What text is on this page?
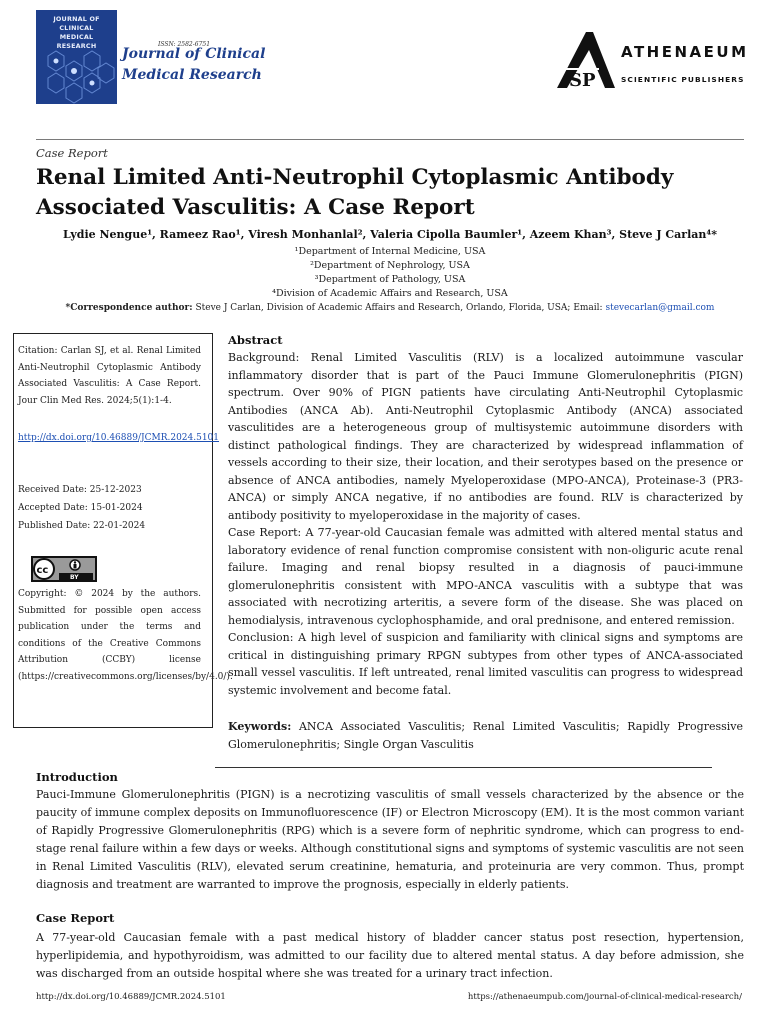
JOURNAL OF
CLINICAL
MEDICAL
RESEARCH	ISSN: 2582-6751
Journal of Clinical
Medical Research	SP
ATHENAEUM
SCIENTIFIC PUBLISHERS
Case Report
Renal Limited Anti-Neutrophil Cytoplasmic Antibody Associated Vasculitis: A Case Report
Lydie Nengue¹, Rameez Rao¹, Viresh Monhanlal², Valeria Cipolla Baumler¹, Azeem Khan³, Steve J Carlan⁴*
¹Department of Internal Medicine, USA
²Department of Nephrology, USA
³Department of Pathology, USA
⁴Division of Academic Affairs and Research, USA
*Correspondence author: Steve J Carlan, Division of Academic Affairs and Research, Orlando, Florida, USA; Email: stevecarlan@gmail.com
Citation: Carlan SJ, et al. Renal Limited Anti-Neutrophil Cytoplasmic Antibody Associated Vasculitis: A Case Report. Jour Clin Med Res. 2024;5(1):1-4.
http://dx.doi.org/10.46889/JCMR.2024.5101
Received Date: 25-12-2023
Accepted Date: 15-01-2024
Published Date: 22-01-2024
cc
BY
Copyright: © 2024 by the authors. Submitted for possible open access publication under the terms and conditions of the Creative Commons Attribution (CCBY) license (https://creativecommons.org/licenses/by/4.0/).
Abstract
Background: Renal Limited Vasculitis (RLV) is a localized autoimmune vascular inflammatory disorder that is part of the Pauci Immune Glomerulonephritis (PIGN) spectrum. Over 90% of PIGN patients have circulating Anti-Neutrophil Cytoplasmic Antibodies (ANCA Ab). Anti-Neutrophil Cytoplasmic Antibody (ANCA) associated vasculitides are a heterogeneous group of multisystemic autoimmune disorders with distinct pathological findings. They are characterized by widespread inflammation of vessels according to their size, their location, and their serotypes based on the presence or absence of ANCA antibodies, namely Myeloperoxidase (MPO-ANCA), Proteinase-3 (PR3-ANCA) or simply ANCA negative, if no antibodies are found. RLV is characterized by antibody positivity to myeloperoxidase in the majority of cases.
Case Report: A 77-year-old Caucasian female was admitted with altered mental status and laboratory evidence of renal function compromise consistent with non-oliguric acute renal failure. Imaging and renal biopsy resulted in a diagnosis of pauci-immune glomerulonephritis consistent with MPO-ANCA vasculitis with a subtype that was associated with necrotizing arteritis, a severe form of the disease. She was placed on hemodialysis, intravenous cyclophosphamide, and oral prednisone, and entered remission.
Conclusion: A high level of suspicion and familiarity with clinical signs and symptoms are critical in distinguishing primary RPGN subtypes from other types of ANCA-associated small vessel vasculitis. If left untreated, renal limited vasculitis can progress to widespread systemic involvement and become fatal.
Keywords: ANCA Associated Vasculitis; Renal Limited Vasculitis; Rapidly Progressive Glomerulonephritis; Single Organ Vasculitis
Introduction
Pauci-Immune Glomerulonephritis (PIGN) is a necrotizing vasculitis of small vessels characterized by the absence or the paucity of immune complex deposits on Immunofluorescence (IF) or Electron Microscopy (EM). It is the most common variant of Rapidly Progressive Glomerulonephritis (RPG) which is a severe form of nephritic syndrome, which can progress to end-stage renal failure within a few days or weeks. Although constitutional signs and symptoms of systemic vasculitis are not seen in Renal Limited Vasculitis (RLV), elevated serum creatinine, hematuria, and proteinuria are very common. Thus, prompt diagnosis and treatment are warranted to improve the prognosis, especially in elderly patients.
Case Report
A 77-year-old Caucasian female with a past medical history of bladder cancer status post resection, hypertension, hyperlipidemia, and hypothyroidism, was admitted to our facility due to altered mental status. A day before admission, she was discharged from an outside hospital where she was treated for a urinary tract infection.
http://dx.doi.org/10.46889/JCMR.2024.5101	https://athenaeumpub.com/journal-of-clinical-medical-research/
